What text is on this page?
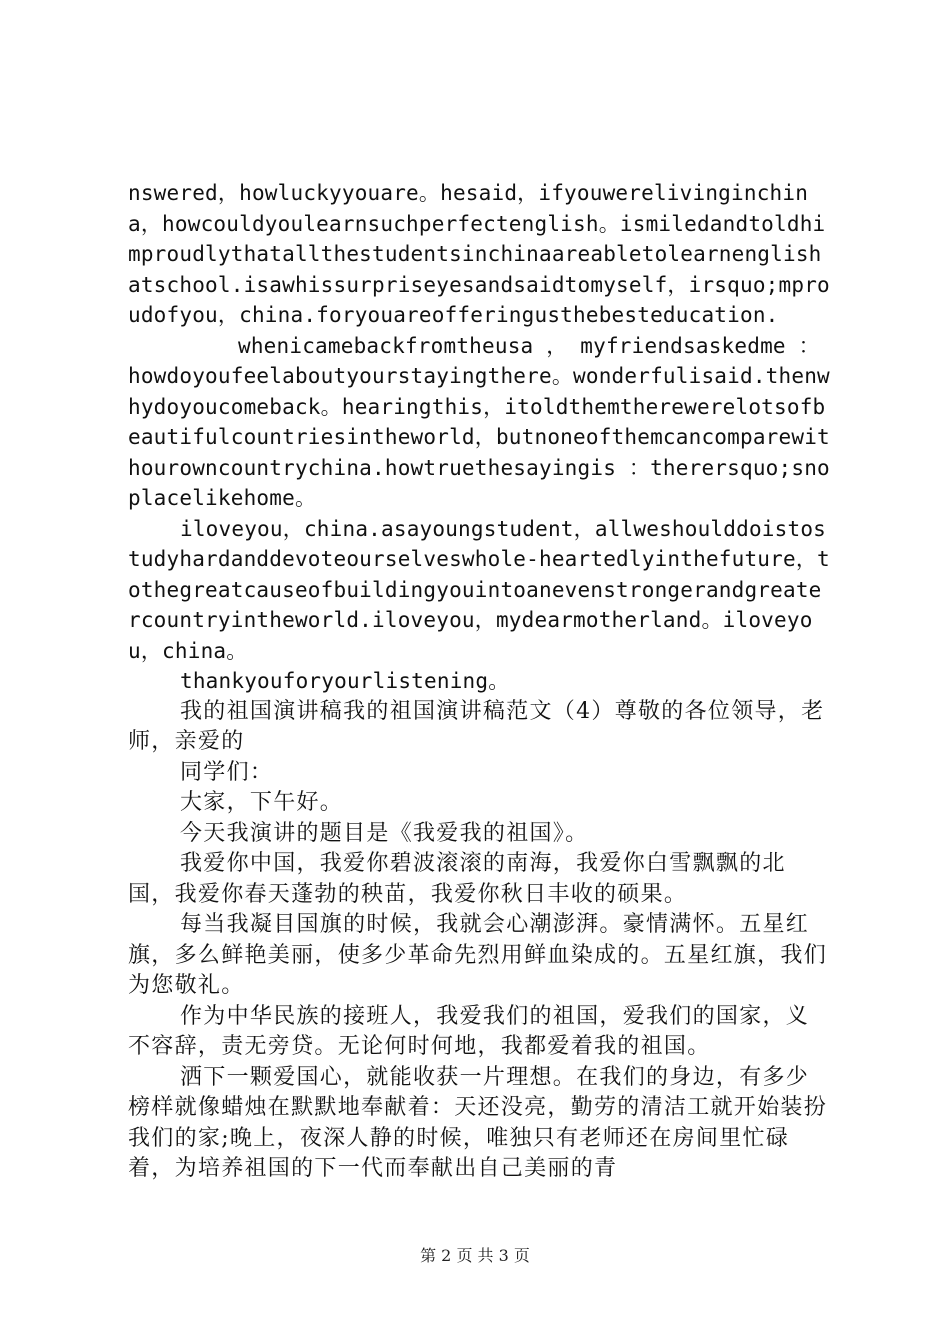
nswered，howluckyyouare。hesaid，ifyouwerelivinginchina，howcouldyoulearnsuchperfectenglish。ismiledandtoldhimproudlythatallthestudentsinchinaareabletolearnenglishatschool.isawhissurpriseyesandsaidtomyself，irsquo;mproudofyou，china.foryouareofferingusthebesteducation.

whenicamebackfromtheusa ， myfriendsaskedme ：howdoyoufeelaboutyourstayingthere。wonderfulisaid.thenwhydoyoucomeback。hearingthis，itoldthemtherewerelotsofbeautifulcountriesintheworld，butnoneofthemcancomparewithourowncountrychina.howtruethesayingis ：therersquo;snoplacelikehome。

iloveyou，china.asayoungstudent，allweshoulddoistostudyhardanddevoteourselveswhole-heartedlyinthefuture，tothegreatcauseofbuildingyouintoanevenstrongerandgreatercountryintheworld.iloveyou，mydearmotherland。iloveyou，china。

thankyouforyourlistening。

我的祖国演讲稿我的祖国演讲稿范文（4）尊敬的各位领导，老师，亲爱的

同学们：

大家，下午好。

今天我演讲的题目是《我爱我的祖国》。

我爱你中国，我爱你碧波滚滚的南海，我爱你白雪飘飘的北国，我爱你春天蓬勃的秧苗，我爱你秋日丰收的硕果。

每当我凝目国旗的时候，我就会心潮澎湃。豪情满怀。五星红旗，多么鲜艳美丽，使多少革命先烈用鲜血染成的。五星红旗，我们为您敬礼。

作为中华民族的接班人，我爱我们的祖国，爱我们的国家，义不容辞，责无旁贷。无论何时何地，我都爱着我的祖国。

洒下一颗爱国心，就能收获一片理想。在我们的身边，有多少榜样就像蜡烛在默默地奉献着：天还没亮，勤劳的清洁工就开始装扮我们的家;晚上，夜深人静的时候，唯独只有老师还在房间里忙碌着，为培养祖国的下一代而奉献出自己美丽的青

第 2 页 共 3 页
